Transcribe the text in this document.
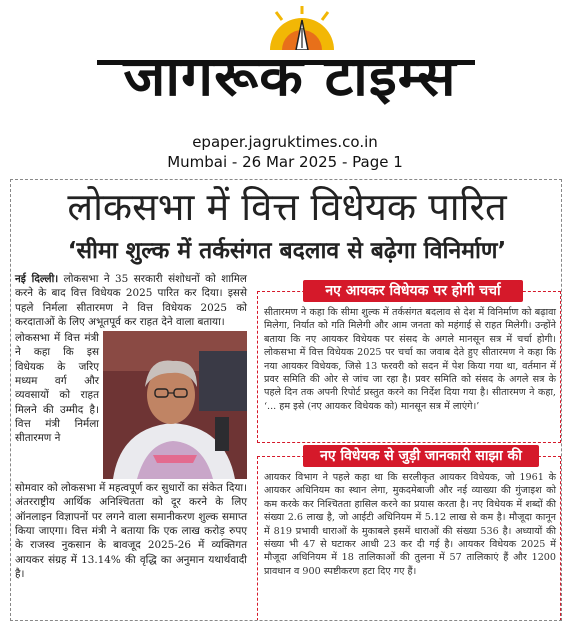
जागरूक टाइम्स
epaper.jagruktimes.co.in
Mumbai - 26 Mar 2025 - Page 1
लोकसभा में वित्त विधेयक पारित
‘सीमा शुल्क में तर्कसंगत बदलाव से बढ़ेगा विनिर्माण’

नई दिल्ली। लोकसभा ने 35 सरकारी संशोधनों को शामिल करने के बाद वित्त विधेयक 2025 पारित कर दिया। इससे पहले निर्मला सीतारमण ने वित्त विधेयक 2025 को करदाताओं के लिए अभूतपूर्व कर राहत देने वाला बताया।

लोकसभा में वित्त मंत्री ने कहा कि इस विधेयक के जरिए मध्यम वर्ग और व्यवसायों को राहत मिलने की उम्मीद है। वित्त मंत्री निर्मला सीतारमण ने

सोमवार को लोकसभा में महत्वपूर्ण कर सुधारों का संकेत दिया। अंतरराष्ट्रीय आर्थिक अनिश्चितता को दूर करने के लिए ऑनलाइन विज्ञापनों पर लगने वाला समानीकरण शुल्क समाप्त किया जाएगा। वित्त मंत्री ने बताया कि एक लाख करोड़ रुपए के राजस्व नुकसान के बावजूद 2025-26 में व्यक्तिगत आयकर संग्रह में 13.14% की वृद्धि का अनुमान यथार्थवादी है।

सीतारमण ने कहा कि सीमा शुल्क में तर्कसंगत बदलाव से देश में विनिर्माण को बढ़ावा मिलेगा, निर्यात को गति मिलेगी और आम जनता को महंगाई से राहत मिलेगी। उन्होंने बताया कि नए आयकर विधेयक पर संसद के अगले मानसून सत्र में चर्चा होगी। लोकसभा में वित्त विधेयक 2025 पर चर्चा का जवाब देते हुए सीतारमण ने कहा कि नया आयकर विधेयक, जिसे 13 फरवरी को सदन में पेश किया गया था, वर्तमान में प्रवर समिति की ओर से जांच जा रहा है। प्रवर समिति को संसद के अगले सत्र के पहले दिन तक अपनी रिपोर्ट प्रस्तुत करने का निर्देश दिया गया है। सीतारमण ने कहा, ‘... हम इसे (नए आयकर विधेयक को) मानसून सत्र में लाएंगे।’
नए आयकर विधेयक पर होगी चर्चा
आयकर विभाग ने पहले कहा था कि सरलीकृत आयकर विधेयक, जो 1961 के आयकर अधिनियम का स्थान लेगा, मुकदमेबाजी और नई व्याख्या की गुंजाइश को कम करके कर निश्चितता हासिल करने का प्रयास करता है। नए विधेयक में शब्दों की संख्या 2.6 लाख है, जो आईटी अधिनियम में 5.12 लाख से कम है। मौजूदा कानून में 819 प्रभावी धाराओं के मुकाबले इसमें धाराओं की संख्या 536 है। अध्यायों की संख्या भी 47 से घटाकर आधी 23 कर दी गई है। आयकर विधेयक 2025 में मौजूदा अधिनियम में 18 तालिकाओं की तुलना में 57 तालिकाएं हैं और 1200 प्रावधान व 900 स्पष्टीकरण हटा दिए गए हैं।
नए विधेयक से जुड़ी जानकारी साझा की
